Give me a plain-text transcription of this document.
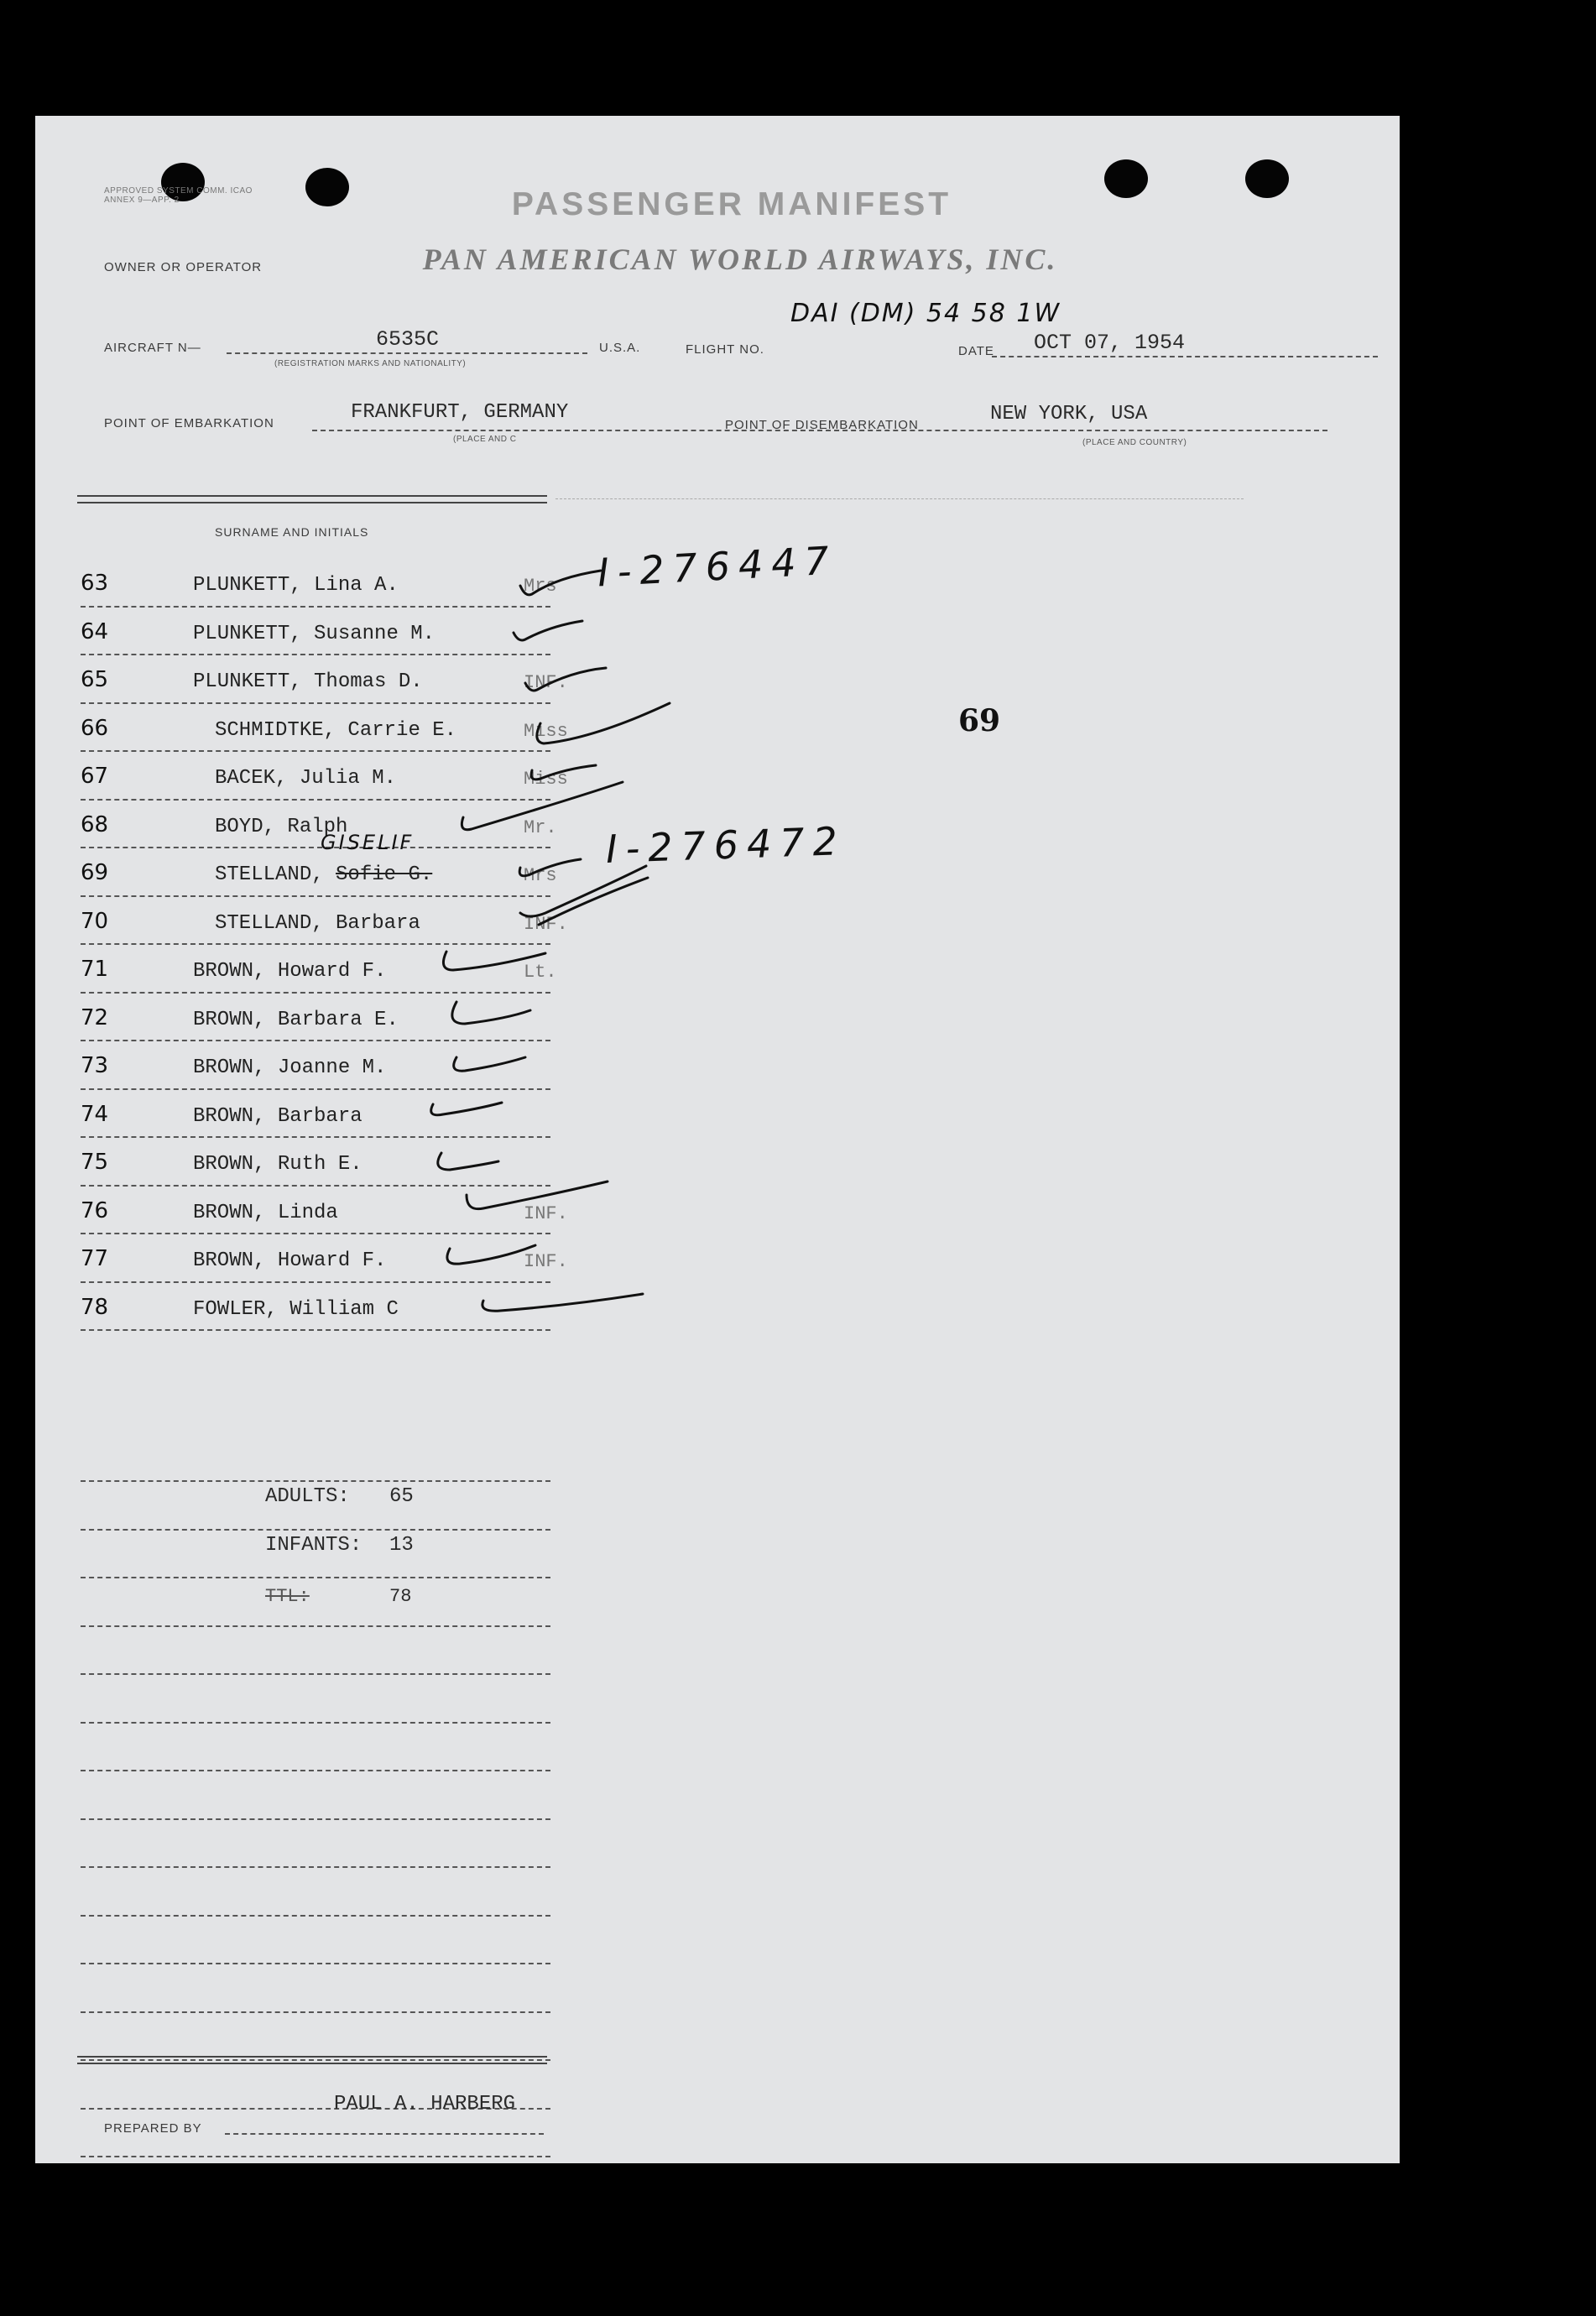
APPROVED SYSTEM COMM. ICAO ANNEX 9—APP. 2	PASSENGER MANIFEST
OWNER OR OPERATOR	PAN AMERICAN WORLD AIRWAYS, INC.
AIRCRAFT N—	6535C
(REGISTRATION MARKS AND NATIONALITY)
U.S.A.	FLIGHT NO.
DAI (DM) 54 58 1W
DATE OCT 07, 1954
POINT OF EMBARKATION	FRANKFURT, GERMANY
(PLACE AND C
POINT OF DISEMBARKATION	NEW YORK, USA
(PLACE AND COUNTRY)
SURNAME AND INITIALS
63	PLUNKETT, Lina A.	Mrs
64	PLUNKETT, Susanne M.
65	PLUNKETT, Thomas D.	INF.
66	SCHMIDTKE, Carrie E.	Miss
67	BACEK, Julia M.	Miss
68	BOYD, Ralph	Mr.
69	STELLAND, Sofie G.	Mrs
70	STELLAND, Barbara	INF.
71	BROWN, Howard F.	Lt.
72	BROWN, Barbara E.
73	BROWN, Joanne M.
74	BROWN, Barbara
75	BROWN, Ruth E.
76	BROWN, Linda	INF.
77	BROWN, Howard F.	INF.
78	FOWLER, William C
69
I-276447
I-276472
GISELIF
ADULTS: 65
INFANTS: 13
TTL:	78
PREPARED BY
PAUL A. HARBERG
